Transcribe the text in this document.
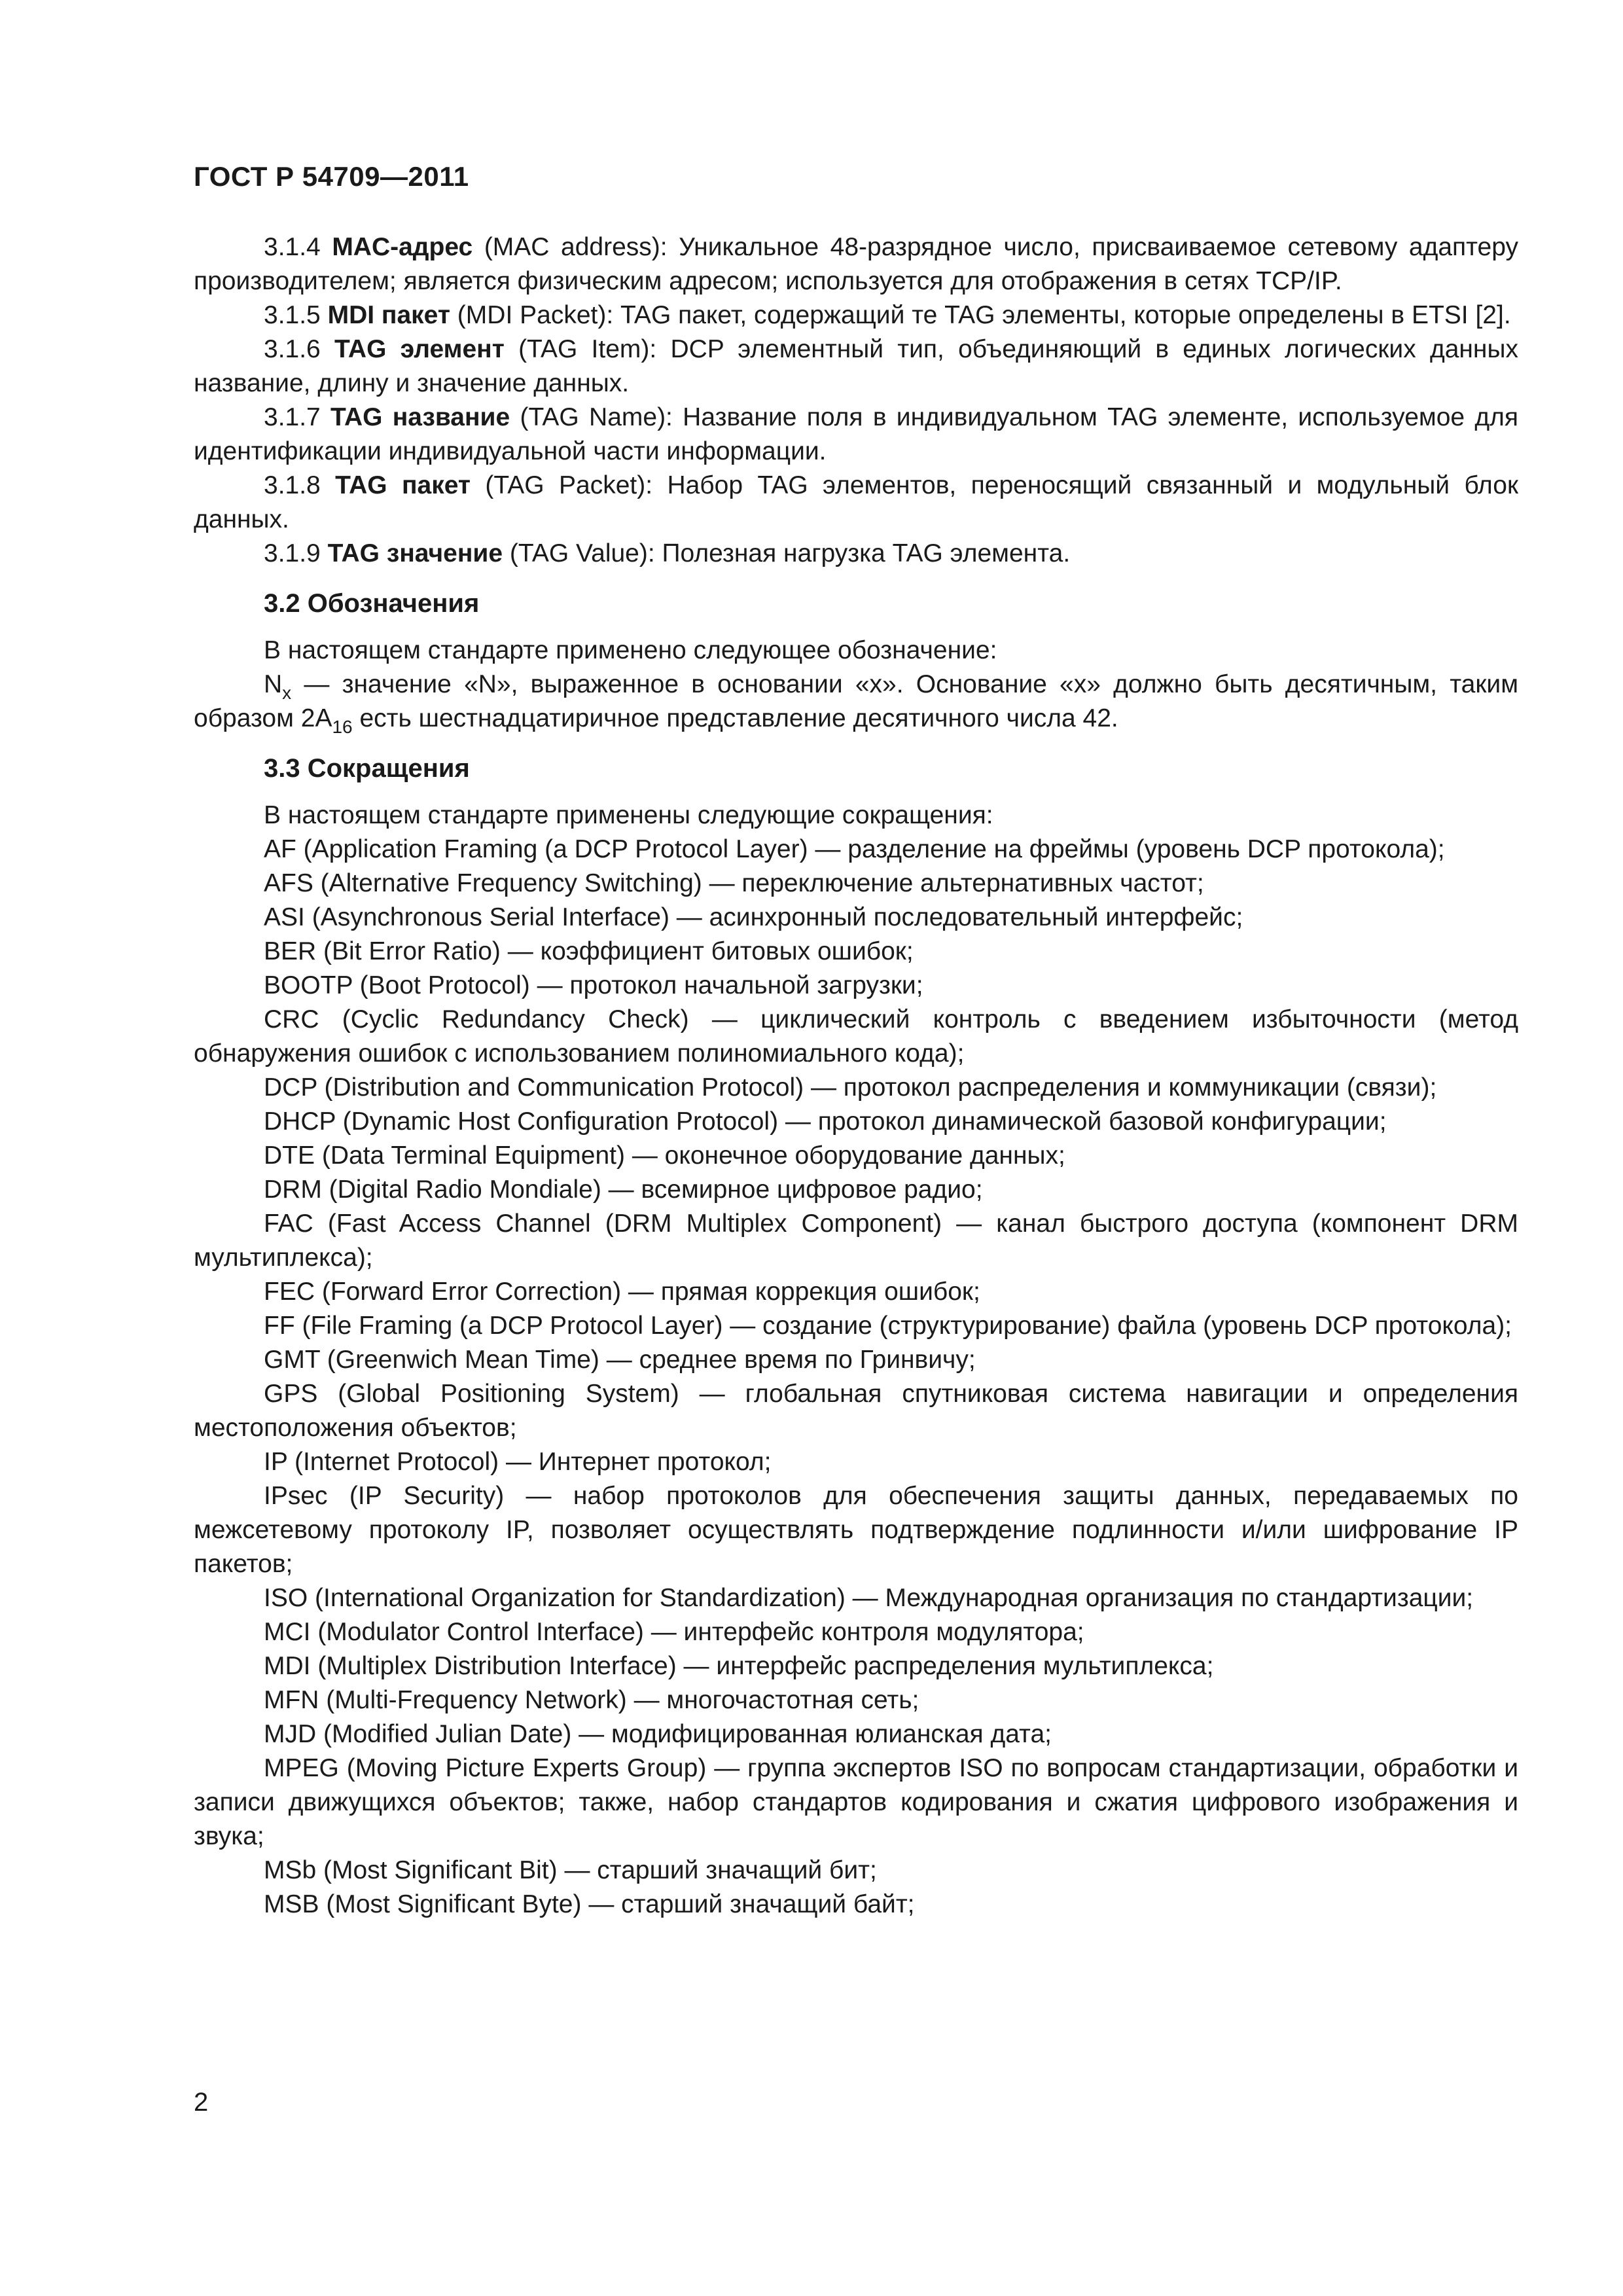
ГОСТ Р 54709—2011

3.1.4 MAC-адрес (MAC address): Уникальное 48-разрядное число, присваиваемое сетевому адаптеру производителем; является физическим адресом; используется для отображения в сетях TCP/IP.

3.1.5 MDI пакет (MDI Packet): TAG пакет, содержащий те TAG элементы, которые определены в ETSI [2].

3.1.6 TAG элемент (TAG Item): DCP элементный тип, объединяющий в единых логических данных название, длину и значение данных.

3.1.7 TAG название (TAG Name): Название поля в индивидуальном TAG элементе, используемое для идентификации индивидуальной части информации.

3.1.8 TAG пакет (TAG Packet): Набор TAG элементов, переносящий связанный и модульный блок данных.

3.1.9 TAG значение (TAG Value): Полезная нагрузка TAG элемента.

3.2 Обозначения

В настоящем стандарте применено следующее обозначение:

$N_x$ — значение «N», выраженное в основании «x». Основание «x» должно быть десятичным, таким образом $2A_{16}$ есть шестнадцатиричное представление десятичного числа 42.

3.3 Сокращения

В настоящем стандарте применены следующие сокращения:

AF (Application Framing (a DCP Protocol Layer) — разделение на фреймы (уровень DCP протокола);

AFS (Alternative Frequency Switching) — переключение альтернативных частот;

ASI (Asynchronous Serial Interface) — асинхронный последовательный интерфейс;

BER (Bit Error Ratio) — коэффициент битовых ошибок;

BOOTP (Boot Protocol) — протокол начальной загрузки;

CRC (Cyclic Redundancy Check) — циклический контроль с введением избыточности (метод обнаружения ошибок с использованием полиномиального кода);

DCP (Distribution and Communication Protocol) — протокол распределения и коммуникации (связи);

DHCP (Dynamic Host Configuration Protocol) — протокол динамической базовой конфигурации;

DTE (Data Terminal Equipment) — оконечное оборудование данных;

DRM (Digital Radio Mondiale) — всемирное цифровое радио;

FAC (Fast Access Channel (DRM Multiplex Component) — канал быстрого доступа (компонент DRM мультиплекса);

FEC (Forward Error Correction) — прямая коррекция ошибок;

FF (File Framing (a DCP Protocol Layer) — создание (структурирование) файла (уровень DCP протокола);

GMT (Greenwich Mean Time) — среднее время по Гринвичу;

GPS (Global Positioning System) — глобальная спутниковая система навигации и определения местоположения объектов;

IP (Internet Protocol) — Интернет протокол;

IPsec (IP Security) — набор протоколов для обеспечения защиты данных, передаваемых по межсетевому протоколу IP, позволяет осуществлять подтверждение подлинности и/или шифрование IP пакетов;

ISO (International Organization for Standardization) — Международная организация по стандартизации;

MCI (Modulator Control Interface) — интерфейс контроля модулятора;

MDI (Multiplex Distribution Interface) — интерфейс распределения мультиплекса;

MFN (Multi-Frequency Network) — многочастотная сеть;

MJD (Modified Julian Date) — модифицированная юлианская дата;

MPEG (Moving Picture Experts Group) — группа экспертов ISO по вопросам стандартизации, обработки и записи движущихся объектов; также, набор стандартов кодирования и сжатия цифрового изображения и звука;

MSb (Most Significant Bit) — старший значащий бит;

MSB (Most Significant Byte) — старший значащий байт;

2
